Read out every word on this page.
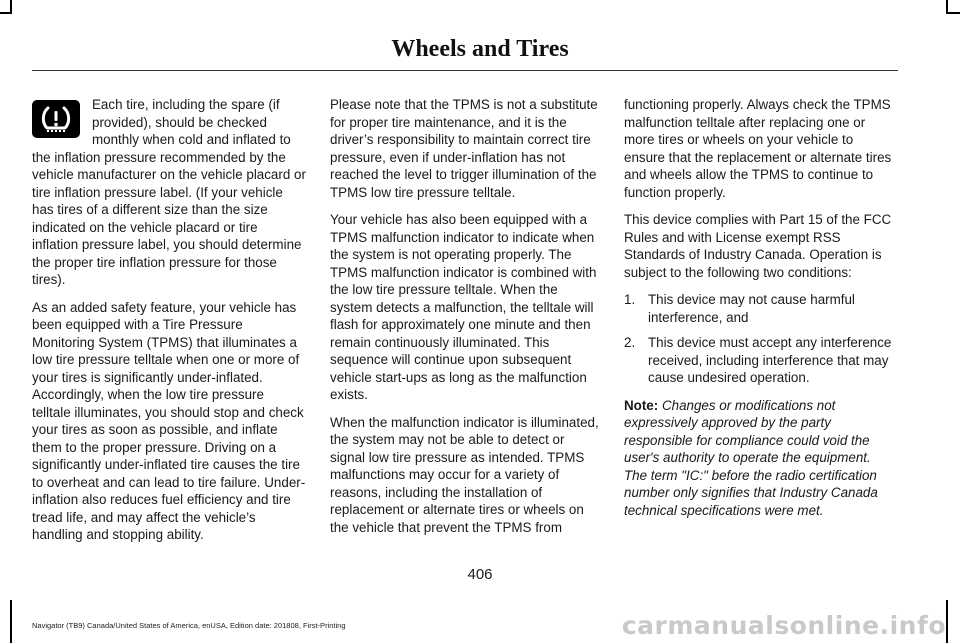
Wheels and Tires

Each tire, including the spare (if provided), should be checked monthly when cold and inflated to the inflation pressure recommended by the vehicle manufacturer on the vehicle placard or tire inflation pressure label. (If your vehicle has tires of a different size than the size indicated on the vehicle placard or tire inflation pressure label, you should determine the proper tire inflation pressure for those tires).

As an added safety feature, your vehicle has been equipped with a Tire Pressure Monitoring System (TPMS) that illuminates a low tire pressure telltale when one or more of your tires is significantly under-inflated. Accordingly, when the low tire pressure telltale illuminates, you should stop and check your tires as soon as possible, and inflate them to the proper pressure. Driving on a significantly under-inflated tire causes the tire to overheat and can lead to tire failure. Under-inflation also reduces fuel efficiency and tire tread life, and may affect the vehicle’s handling and stopping ability.

Please note that the TPMS is not a substitute for proper tire maintenance, and it is the driver’s responsibility to maintain correct tire pressure, even if under-inflation has not reached the level to trigger illumination of the TPMS low tire pressure telltale.

Your vehicle has also been equipped with a TPMS malfunction indicator to indicate when the system is not operating properly. The TPMS malfunction indicator is combined with the low tire pressure telltale. When the system detects a malfunction, the telltale will flash for approximately one minute and then remain continuously illuminated. This sequence will continue upon subsequent vehicle start-ups as long as the malfunction exists.

When the malfunction indicator is illuminated, the system may not be able to detect or signal low tire pressure as intended. TPMS malfunctions may occur for a variety of reasons, including the installation of replacement or alternate tires or wheels on the vehicle that prevent the TPMS from

functioning properly. Always check the TPMS malfunction telltale after replacing one or more tires or wheels on your vehicle to ensure that the replacement or alternate tires and wheels allow the TPMS to continue to function properly.

This device complies with Part 15 of the FCC Rules and with License exempt RSS Standards of Industry Canada. Operation is subject to the following two conditions:

1. This device may not cause harmful interference, and
2. This device must accept any interference received, including interference that may cause undesired operation.

Note: Changes or modifications not expressively approved by the party responsible for compliance could void the user's authority to operate the equipment. The term "IC:" before the radio certification number only signifies that Industry Canada technical specifications were met.

406
Navigator (TB9) Canada/United States of America, enUSA, Edition date: 201808, First-Printing	carmanualsonline.info
